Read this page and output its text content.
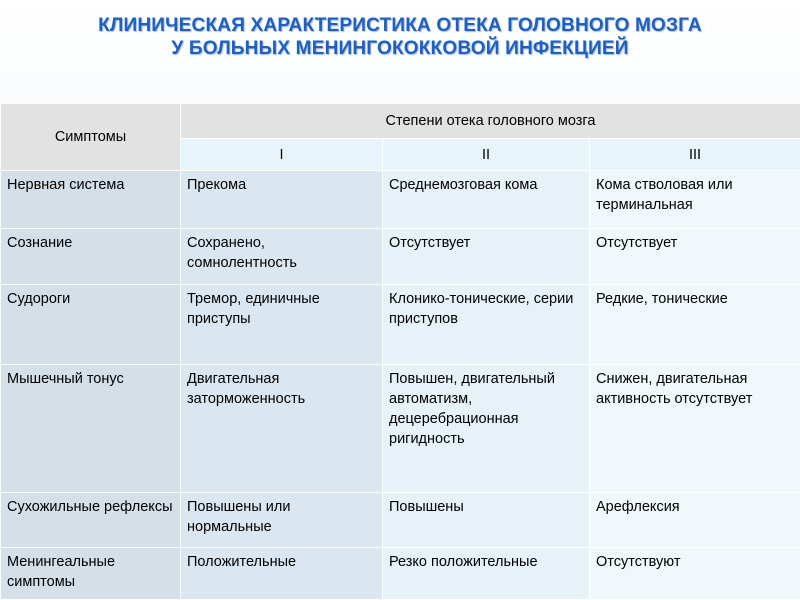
КЛИНИЧЕСКАЯ ХАРАКТЕРИСТИКА ОТЕКА ГОЛОВНОГО МОЗГА
У БОЛЬНЫХ МЕНИНГОКОККОВОЙ ИНФЕКЦИЕЙ
Симптомы	Степени отека головного мозга		
	I	II	III
Нервная система	Прекома	Среднемозговая кома	Кома стволовая или терминальная
Сознание	Сохранено, сомнолентность	Отсутствует	Отсутствует
Судороги	Тремор, единичные приступы	Клонико-тонические, серии приступов	Редкие, тонические
Мышечный тонус	Двигательная заторможенность	Повышен, двигательный автоматизм, децеребрационная ригидность	Снижен, двигательная активность отсутствует
Сухожильные рефлексы	Повышены или нормальные	Повышены	Арефлексия
Менингеальные симптомы	Положительные	Резко положительные	Отсутствуют
